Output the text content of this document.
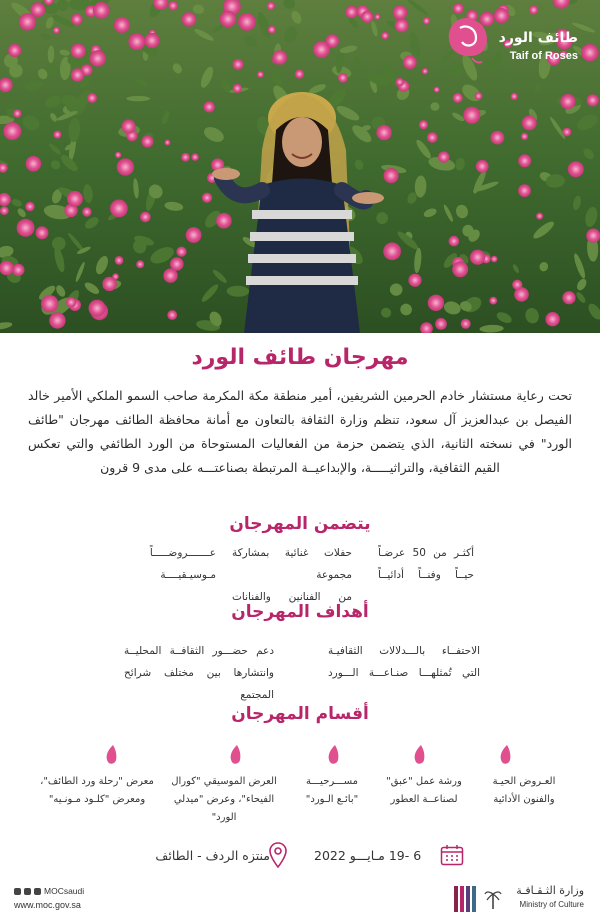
طائف الورد
Taif of Roses
مهرجان طائف الورد

تحت رعاية مستشار خادم الحرمين الشريفين، أمير منطقة مكة المكرمة صاحب السمو الملكي الأمير خالد الفيصل بن عبدالعزيز آل سعود، تنظم وزارة الثقافة بالتعاون مع أمانة محافظة الطائف مهرجان "طائف الورد" في نسخته الثانية، الذي يتضمن حزمة من الفعاليات المستوحاة من الورد الطائفي والتي تعكس القيم الثقافية، والتراثيـــــة، والإبداعيــة المرتبطة بصناعتـــه على مدى 9 قرون

يتضمن المهرجان
أكثـر من 50 عرضـاً
حيــاً وفنــاً أدائيــاً
حفلات غنائية بمشاركة مجموعة
من الفنانين والفنانات
عـــــــروضـــــاً
مـوسيـقيــــة
أهداف المهرجان
الاحتفــاء بالـــدلالات الثقافيـة
التي تُمثلهـــا صنـاعـــة الـــورد
دعم حضـــور الثقافــة المحليــة
وانتشارها بين مختلف شرائح المجتمع
أقسام المهرجان
العـروض الحيـة
والفنون الأدائية
ورشة عمل "عبق"
لصناعــة العطور
مســـرحيـــة
"بائـع الـورد"
العرض الموسيقي "كورال
الفيحاء"، وعرض "ميدلي الورد"
معرض "رحلة ورد الطائف"،
ومعرض "كلـود مـونـيه"
منتزه الردف - الطائف	6 -19 مـايـــو 2022
MOCsaudi
www.moc.gov.sa
وزارة الثـقـافـة
Ministry of Culture
